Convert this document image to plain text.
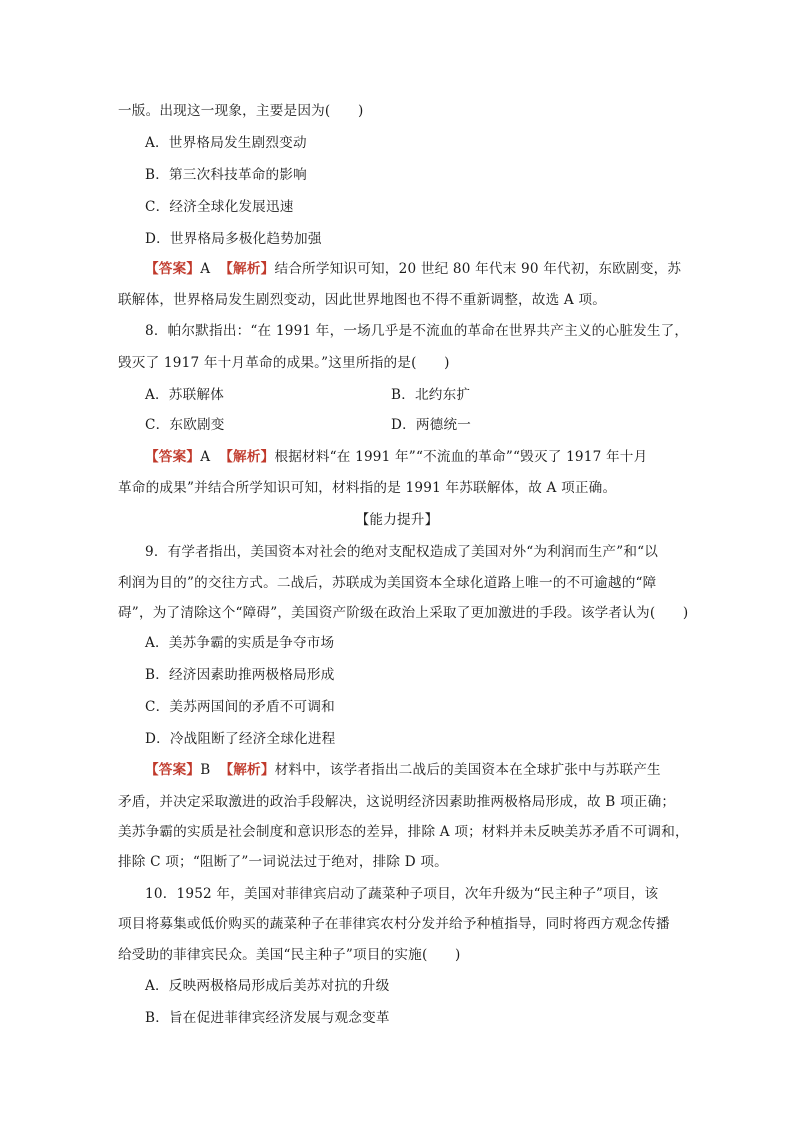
一版。出现这一现象，主要是因为(　　)
A．世界格局发生剧烈变动
B．第三次科技革命的影响
C．经济全球化发展迅速
D．世界格局多极化趋势加强
【答案】A 【解析】结合所学知识可知，20 世纪 80 年代末 90 年代初，东欧剧变，苏
联解体，世界格局发生剧烈变动，因此世界地图也不得不重新调整，故选 A 项。
8．帕尔默指出：“在 1991 年，一场几乎是不流血的革命在世界共产主义的心脏发生了，
毁灭了 1917 年十月革命的成果。”这里所指的是(　　)
A．苏联解体	B．北约东扩
C．东欧剧变	D．两德统一
【答案】A 【解析】根据材料“在 1991 年”“不流血的革命”“毁灭了 1917 年十月
革命的成果”并结合所学知识可知，材料指的是 1991 年苏联解体，故 A 项正确。
【能力提升】
9．有学者指出，美国资本对社会的绝对支配权造成了美国对外“为利润而生产”和“以
利润为目的”的交往方式。二战后，苏联成为美国资本全球化道路上唯一的不可逾越的“障
碍”，为了清除这个“障碍”，美国资产阶级在政治上采取了更加激进的手段。该学者认为(　　)
A．美苏争霸的实质是争夺市场
B．经济因素助推两极格局形成
C．美苏两国间的矛盾不可调和
D．冷战阻断了经济全球化进程
【答案】B 【解析】材料中，该学者指出二战后的美国资本在全球扩张中与苏联产生
矛盾，并决定采取激进的政治手段解决，这说明经济因素助推两极格局形成，故 B 项正确；
美苏争霸的实质是社会制度和意识形态的差异，排除 A 项；材料并未反映美苏矛盾不可调和，
排除 C 项；“阻断了”一词说法过于绝对，排除 D 项。
10．1952 年，美国对菲律宾启动了蔬菜种子项目，次年升级为“民主种子”项目，该
项目将募集或低价购买的蔬菜种子在菲律宾农村分发并给予种植指导，同时将西方观念传播
给受助的菲律宾民众。美国“民主种子”项目的实施(　　)
A．反映两极格局形成后美苏对抗的升级
B．旨在促进菲律宾经济发展与观念变革
